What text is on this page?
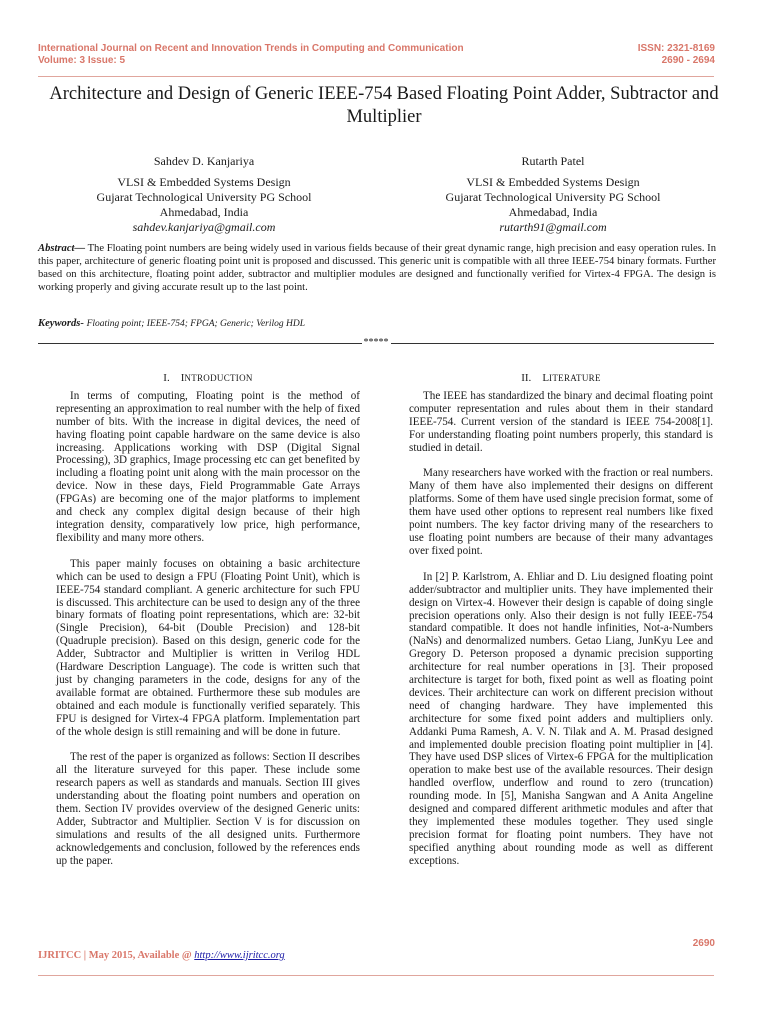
International Journal on Recent and Innovation Trends in Computing and Communication
Volume: 3 Issue: 5
ISSN: 2321-8169
2690 - 2694
Architecture and Design of Generic IEEE-754 Based Floating Point Adder, Subtractor and Multiplier
Sahdev D. Kanjariya
VLSI & Embedded Systems Design
Gujarat Technological University PG School
Ahmedabad, India
sahdev.kanjariya@gmail.com
Rutarth Patel
VLSI & Embedded Systems Design
Gujarat Technological University PG School
Ahmedabad, India
rutarth91@gmail.com
Abstract— The Floating point numbers are being widely used in various fields because of their great dynamic range, high precision and easy operation rules. In this paper, architecture of generic floating point unit is proposed and discussed. This generic unit is compatible with all three IEEE-754 binary formats. Further based on this architecture, floating point adder, subtractor and multiplier modules are designed and functionally verified for Virtex-4 FPGA. The design is working properly and giving accurate result up to the last point.
Keywords- Floating point; IEEE-754; FPGA; Generic; Verilog HDL
*****
I. INTRODUCTION

In terms of computing, Floating point is the method of representing an approximation to real number with the help of fixed number of bits. With the increase in digital devices, the need of having floating point capable hardware on the same device is also increasing. Applications working with DSP (Digital Signal Processing), 3D graphics, Image processing etc can get benefited by including a floating point unit along with the main processor on the device. Now in these days, Field Programmable Gate Arrays (FPGAs) are becoming one of the major platforms to implement and check any complex digital design because of their high integration density, comparatively low price, high performance, flexibility and many more others.

This paper mainly focuses on obtaining a basic architecture which can be used to design a FPU (Floating Point Unit), which is IEEE-754 standard compliant. A generic architecture for such FPU is discussed. This architecture can be used to design any of the three binary formats of floating point representations, which are: 32-bit (Single Precision), 64-bit (Double Precision) and 128-bit (Quadruple precision). Based on this design, generic code for the Adder, Subtractor and Multiplier is written in Verilog HDL (Hardware Description Language). The code is written such that just by changing parameters in the code, designs for any of the available format are obtained. Furthermore these sub modules are obtained and each module is functionally verified separately. This FPU is designed for Virtex-4 FPGA platform. Implementation part of the whole design is still remaining and will be done in future.

The rest of the paper is organized as follows: Section II describes all the literature surveyed for this paper. These include some research papers as well as standards and manuals. Section III gives understanding about the floating point numbers and operation on them. Section IV provides overview of the designed Generic units: Adder, Subtractor and Multiplier. Section V is for discussion on simulations and results of the all designed units. Furthermore acknowledgements and conclusion, followed by the references ends up the paper.

II. LITERATURE

The IEEE has standardized the binary and decimal floating point computer representation and rules about them in their standard IEEE-754. Current version of the standard is IEEE 754-2008[1]. For understanding floating point numbers properly, this standard is studied in detail.

Many researchers have worked with the fraction or real numbers. Many of them have also implemented their designs on different platforms. Some of them have used single precision format, some of them have used other options to represent real numbers like fixed point numbers. The key factor driving many of the researchers to use floating point numbers are because of their many advantages over fixed point.

In [2] P. Karlstrom, A. Ehliar and D. Liu designed floating point adder/subtractor and multiplier units. They have implemented their design on Virtex-4. However their design is capable of doing single precision operations only. Also their design is not fully IEEE-754 standard compatible. It does not handle infinities, Not-a-Numbers (NaNs) and denormalized numbers. Getao Liang, JunKyu Lee and Gregory D. Peterson proposed a dynamic precision supporting architecture for real number operations in [3]. Their proposed architecture is target for both, fixed point as well as floating point devices. Their architecture can work on different precision without need of changing hardware. They have implemented this architecture for some fixed point adders and multipliers only. Addanki Puma Ramesh, A. V. N. Tilak and A. M. Prasad designed and implemented double precision floating point multiplier in [4]. They have used DSP slices of Virtex-6 FPGA for the multiplication operation to make best use of the available resources. Their design handled overflow, underflow and round to zero (truncation) rounding mode. In [5], Manisha Sangwan and A Anita Angeline designed and compared different arithmetic modules and after that they implemented these modules together. They used single precision format for floating point numbers. They have not specified anything about rounding mode as well as different exceptions.

2690
IJRITCC | May 2015, Available @ http://www.ijritcc.org
